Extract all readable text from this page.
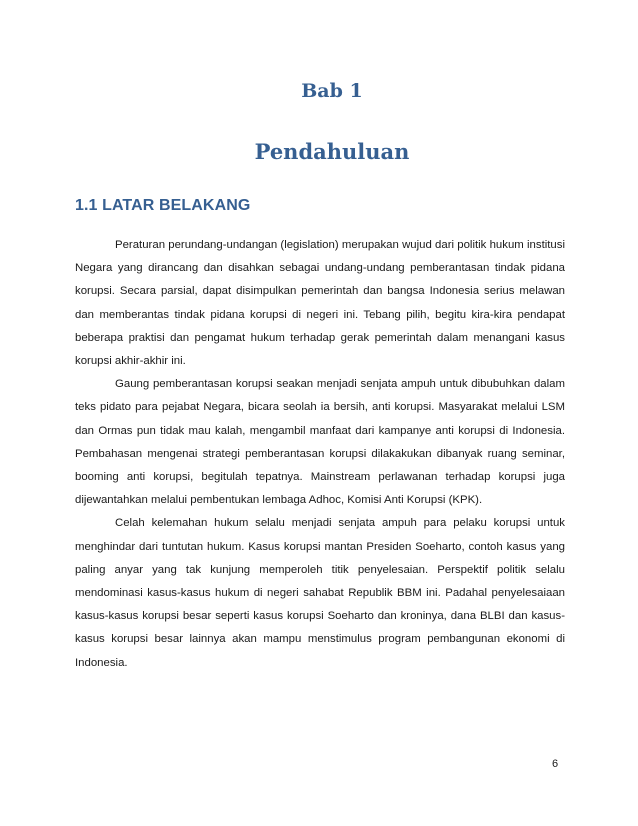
Bab 1
Pendahuluan
1.1 LATAR BELAKANG

Peraturan perundang-undangan (legislation) merupakan wujud dari politik hukum institusi Negara yang dirancang dan disahkan sebagai undang-undang pemberantasan tindak pidana korupsi. Secara parsial, dapat disimpulkan pemerintah dan bangsa Indonesia serius melawan dan memberantas tindak pidana korupsi di negeri ini. Tebang pilih, begitu kira-kira pendapat beberapa praktisi dan pengamat hukum terhadap gerak pemerintah dalam menangani kasus korupsi akhir-akhir ini.

Gaung pemberantasan korupsi seakan menjadi senjata ampuh untuk dibubuhkan dalam teks pidato para pejabat Negara, bicara seolah ia bersih, anti korupsi. Masyarakat melalui LSM dan Ormas pun tidak mau kalah, mengambil manfaat dari kampanye anti korupsi di Indonesia. Pembahasan mengenai strategi pemberantasan korupsi dilakakukan dibanyak ruang seminar, booming anti korupsi, begitulah tepatnya. Mainstream perlawanan terhadap korupsi juga dijewantahkan melalui pembentukan lembaga Adhoc, Komisi Anti Korupsi (KPK).

Celah kelemahan hukum selalu menjadi senjata ampuh para pelaku korupsi untuk menghindar dari tuntutan hukum. Kasus korupsi mantan Presiden Soeharto, contoh kasus yang paling anyar yang tak kunjung memperoleh titik penyelesaian. Perspektif politik selalu mendominasi kasus-kasus hukum di negeri sahabat Republik BBM ini. Padahal penyelesaiaan kasus-kasus korupsi besar seperti kasus korupsi Soeharto dan kroninya, dana BLBI dan kasus-kasus korupsi besar lainnya akan mampu menstimulus program pembangunan ekonomi di Indonesia.

6
